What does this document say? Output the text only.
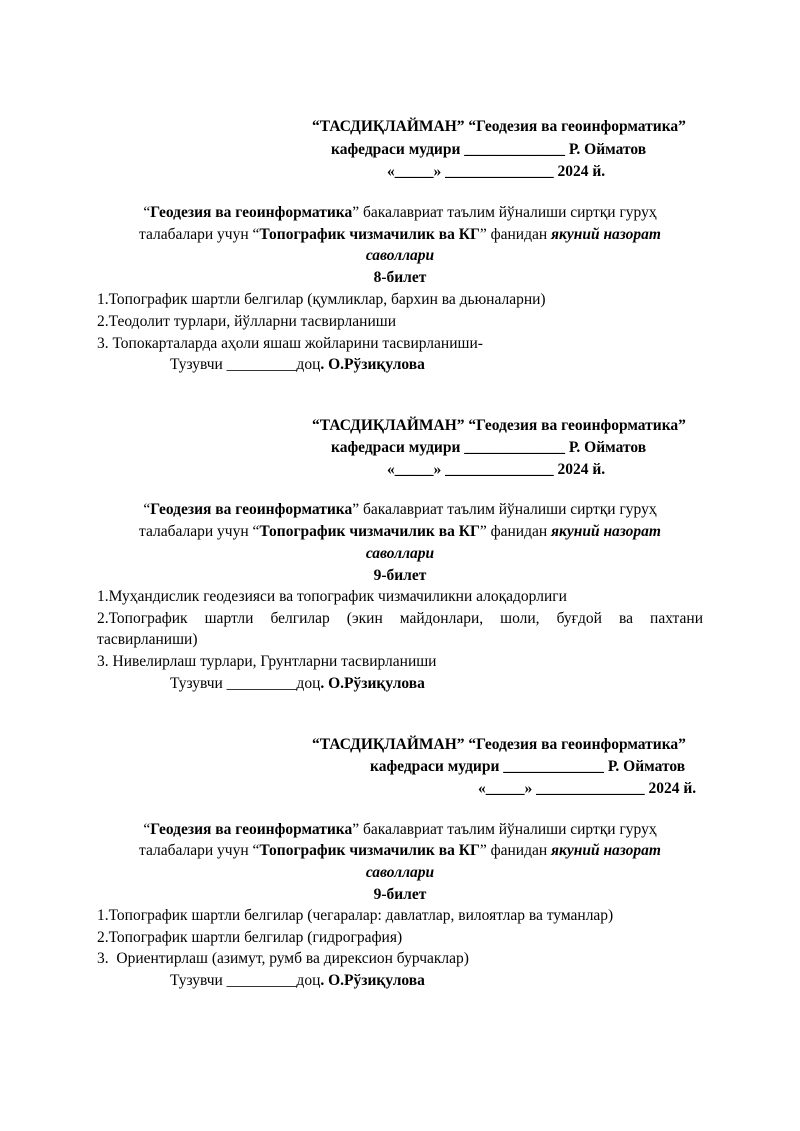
“ТАСДИҚЛАЙМАН” “Геодезия ва геоинформатика”
кафедраси мудири _____________ Р. Ойматов
«_____» ______________ 2024 й.
“Геодезия ва геоинформатика” бакалавриат таълим йўналиши сиртқи гуруҳ
талабалари учун “Топографик чизмачилик ва КГ” фанидан якуний назорат
саволлари
8-билет
1.Топографик шартли белгилар (қумликлар, бархин ва дьюналарни)
2.Теодолит турлари, йўлларни тасвирланиши
3. Топокарталарда аҳоли яшаш жойларини тасвирланиши-
Тузувчи _________доц. О.Рўзиқулова
“ТАСДИҚЛАЙМАН” “Геодезия ва геоинформатика”
кафедраси мудири _____________ Р. Ойматов
«_____» ______________ 2024 й.
“Геодезия ва геоинформатика” бакалавриат таълим йўналиши сиртқи гуруҳ
талабалари учун “Топографик чизмачилик ва КГ” фанидан якуний назорат
саволлари
9-билет
1.Муҳандислик геодезияси ва топографик чизмачиликни алоқадорлиги
2.Топографик шартли белгилар (экин майдонлари, шоли, буғдой ва пахтани
тасвирланиши)
3. Нивелирлаш турлари, Грунтларни тасвирланиши
Тузувчи _________доц. О.Рўзиқулова
“ТАСДИҚЛАЙМАН” “Геодезия ва геоинформатика”
кафедраси мудири _____________ Р. Ойматов
«_____» ______________ 2024 й.
“Геодезия ва геоинформатика” бакалавриат таълим йўналиши сиртқи гуруҳ
талабалари учун “Топографик чизмачилик ва КГ” фанидан якуний назорат
саволлари
9-билет
1.Топографик шартли белгилар (чегаралар: давлатлар, вилоятлар ва туманлар)
2.Топографик шартли белгилар (гидрография)
3.  Ориентирлаш (азимут, румб ва дирексион бурчаклар)
Тузувчи _________доц. О.Рўзиқулова
